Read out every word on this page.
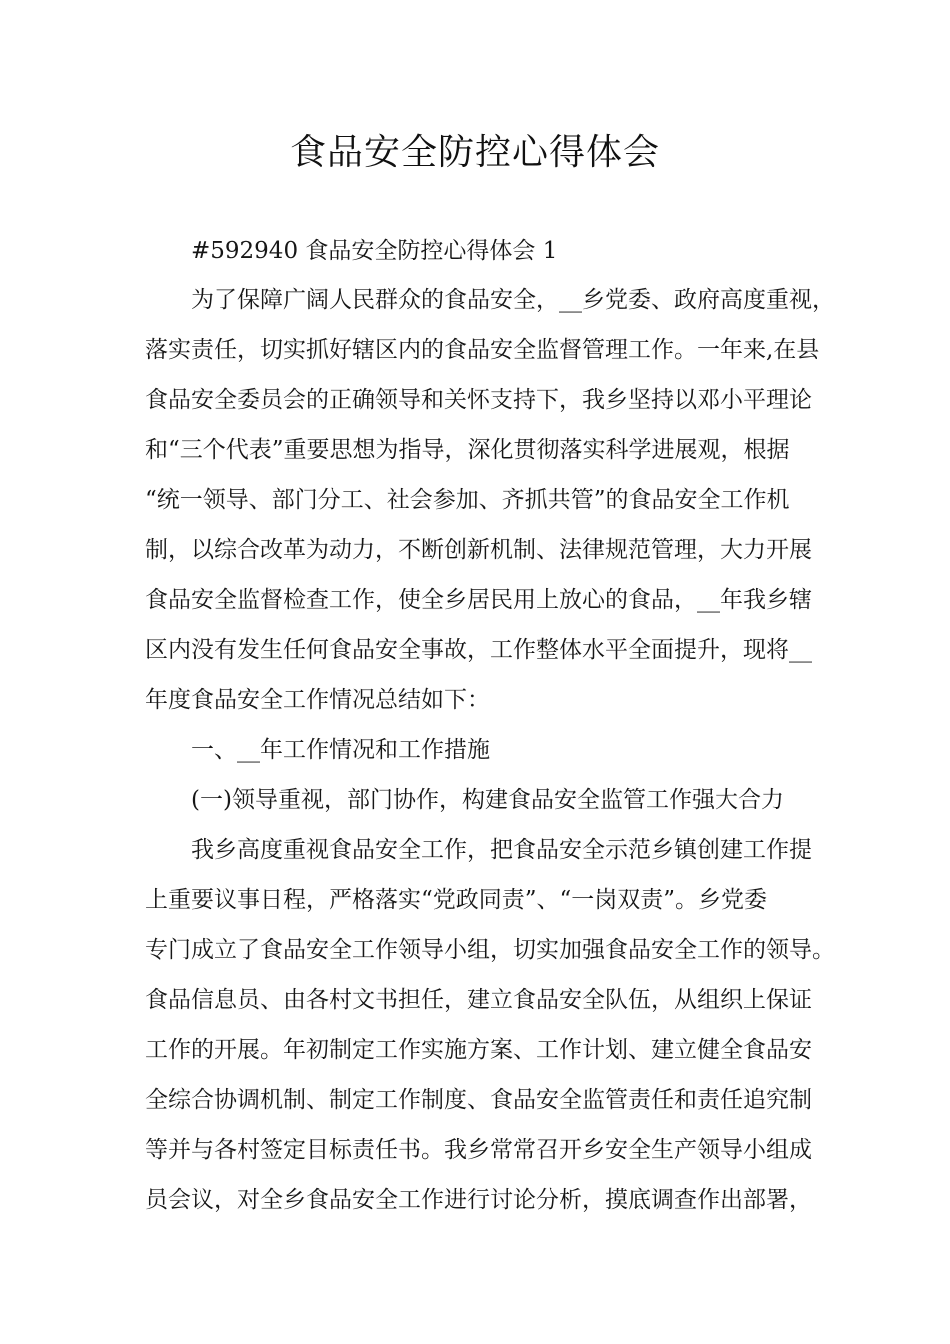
食品安全防控心得体会
#592940 食品安全防控心得体会 1
为了保障广阔人民群众的食品安全，__乡党委、政府高度重视，
落实责任，切实抓好辖区内的食品安全监督管理工作。一年来,在县
食品安全委员会的正确领导和关怀支持下，我乡坚持以邓小平理论
和“三个代表”重要思想为指导，深化贯彻落实科学进展观，根据
“统一领导、部门分工、社会参加、齐抓共管”的食品安全工作机
制，以综合改革为动力，不断创新机制、法律规范管理，大力开展
食品安全监督检查工作，使全乡居民用上放心的食品，__年我乡辖
区内没有发生任何食品安全事故，工作整体水平全面提升，现将__
年度食品安全工作情况总结如下：
一、__年工作情况和工作措施
(一)领导重视，部门协作，构建食品安全监管工作强大合力
我乡高度重视食品安全工作，把食品安全示范乡镇创建工作提
上重要议事日程，严格落实“党政同责”、“一岗双责”。乡党委
专门成立了食品安全工作领导小组，切实加强食品安全工作的领导。
食品信息员、由各村文书担任，建立食品安全队伍，从组织上保证
工作的开展。年初制定工作实施方案、工作计划、建立健全食品安
全综合协调机制、制定工作制度、食品安全监管责任和责任追究制
等并与各村签定目标责任书。我乡常常召开乡安全生产领导小组成
员会议，对全乡食品安全工作进行讨论分析，摸底调查作出部署，
